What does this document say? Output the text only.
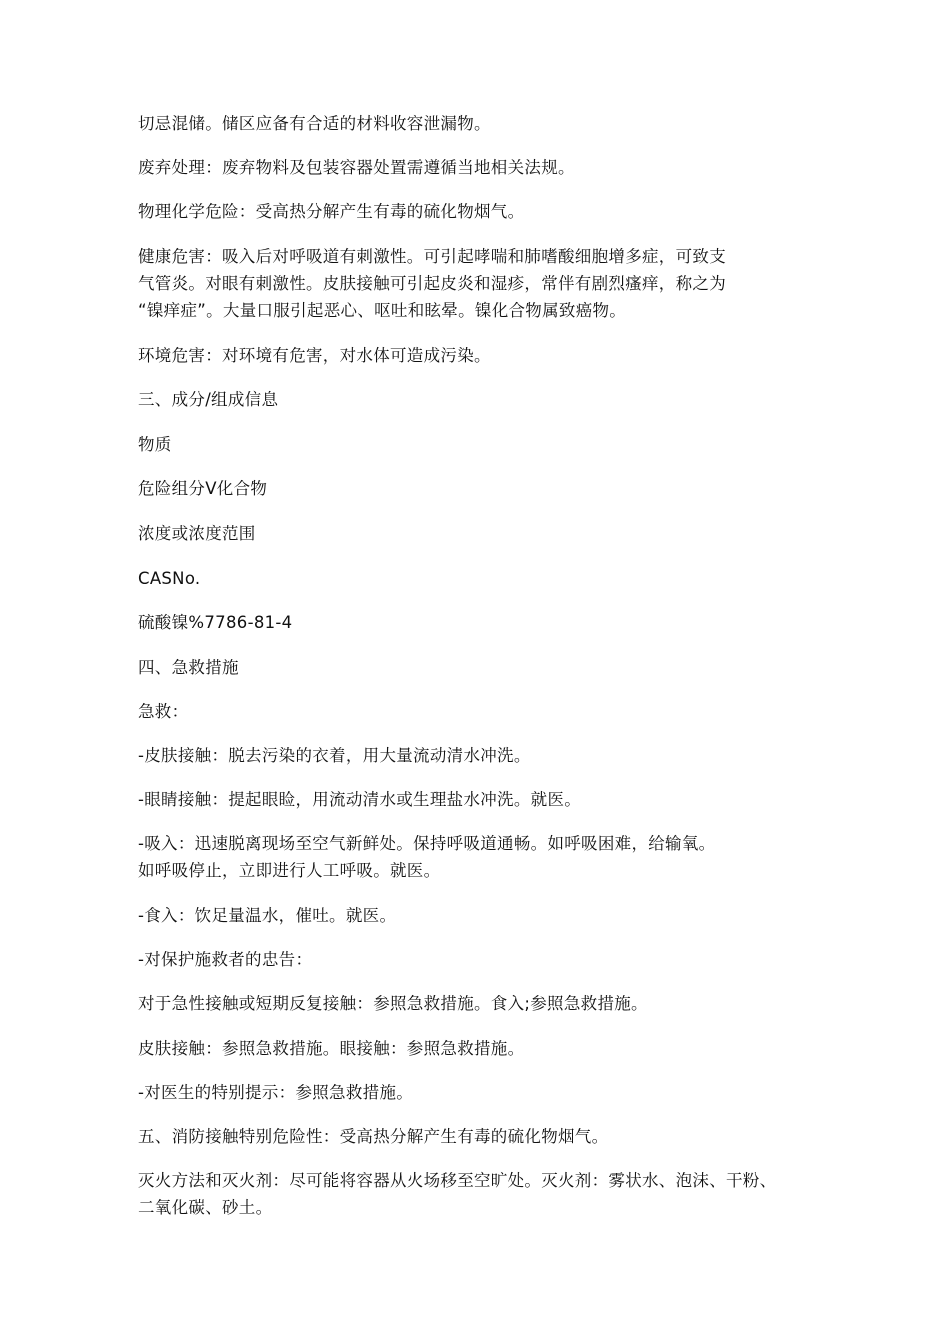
切忌混储。储区应备有合适的材料收容泄漏物。

废弃处理：废弃物料及包装容器处置需遵循当地相关法规。

物理化学危险：受高热分解产生有毒的硫化物烟气。

健康危害：吸入后对呼吸道有刺激性。可引起哮喘和肺嗜酸细胞增多症，可致支
气管炎。对眼有刺激性。皮肤接触可引起皮炎和湿疹，常伴有剧烈瘙痒，称之为
“镍痒症”。大量口服引起恶心、呕吐和眩晕。镍化合物属致癌物。

环境危害：对环境有危害，对水体可造成污染。

三、成分/组成信息

物质

危险组分Ⅴ化合物

浓度或浓度范围

CASNo.

硫酸镍%7786-81-4

四、急救措施

急救：

-皮肤接触：脱去污染的衣着，用大量流动清水冲洗。

-眼睛接触：提起眼睑，用流动清水或生理盐水冲洗。就医。

-吸入：迅速脱离现场至空气新鲜处。保持呼吸道通畅。如呼吸困难，给输氧。
如呼吸停止，立即进行人工呼吸。就医。

-食入：饮足量温水，催吐。就医。

-对保护施救者的忠告：

对于急性接触或短期反复接触：参照急救措施。食入;参照急救措施。

皮肤接触：参照急救措施。眼接触：参照急救措施。

-对医生的特别提示：参照急救措施。

五、消防接触特别危险性：受高热分解产生有毒的硫化物烟气。

灭火方法和灭火剂：尽可能将容器从火场移至空旷处。灭火剂：雾状水、泡沫、干粉、
二氧化碳、砂土。
